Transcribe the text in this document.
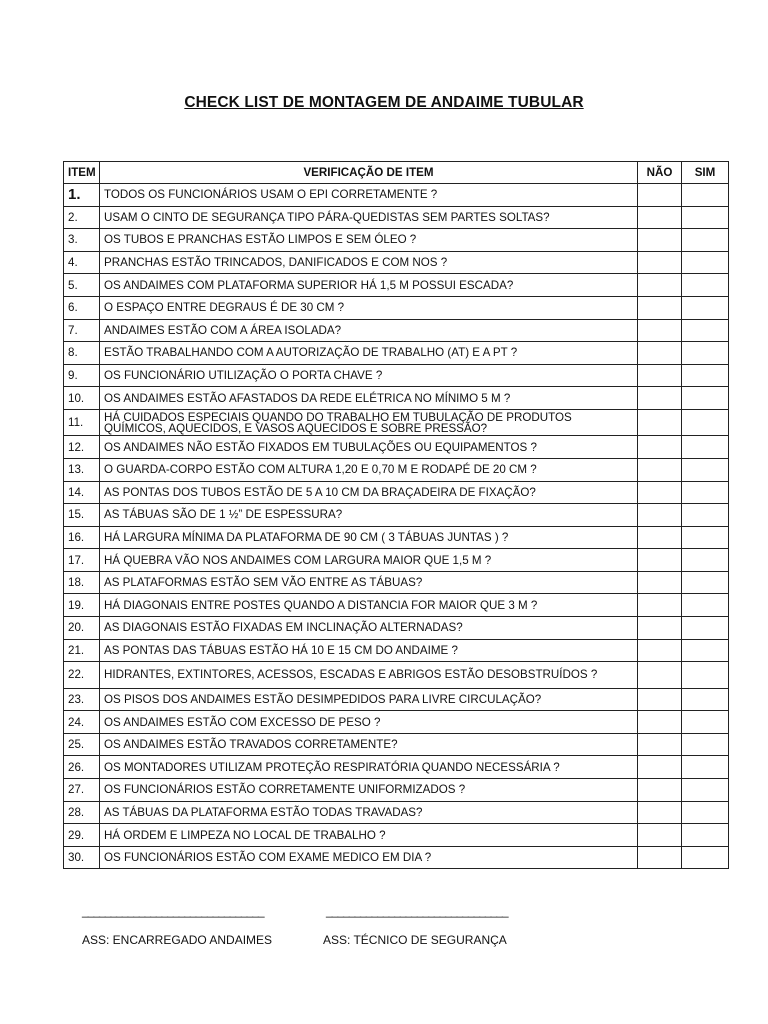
CHECK LIST DE MONTAGEM DE ANDAIME TUBULAR
ITEM	VERIFICAÇÃO DE ITEM	NÃO	SIM
1.	TODOS OS FUNCIONÁRIOS USAM O EPI CORRETAMENTE ?		
2.	USAM O CINTO DE SEGURANÇA TIPO PÁRA-QUEDISTAS SEM PARTES SOLTAS?		
3.	OS TUBOS E PRANCHAS ESTÃO LIMPOS E SEM ÓLEO ?		
4.	PRANCHAS ESTÃO TRINCADOS, DANIFICADOS E COM NOS ?		
5.	OS ANDAIMES COM PLATAFORMA SUPERIOR HÁ 1,5 M POSSUI ESCADA?		
6.	O ESPAÇO ENTRE DEGRAUS É DE 30 CM ?		
7.	ANDAIMES ESTÃO COM A ÁREA ISOLADA?		
8.	ESTÃO TRABALHANDO COM A AUTORIZAÇÃO DE TRABALHO (AT) E A PT ?		
9.	OS FUNCIONÁRIO UTILIZAÇÃO O PORTA CHAVE ?		
10.	OS ANDAIMES ESTÃO AFASTADOS DA REDE ELÉTRICA NO MÍNIMO 5 M ?		
11.	HÁ CUIDADOS ESPECIAIS QUANDO DO TRABALHO EM TUBULAÇÃO DE PRODUTOS QUÍMICOS, AQUECIDOS, E VASOS AQUECIDOS E SOBRE PRESSÃO?		
12.	OS ANDAIMES NÃO ESTÃO FIXADOS EM TUBULAÇÕES OU EQUIPAMENTOS ?		
13.	O GUARDA-CORPO ESTÃO COM ALTURA 1,20 E 0,70 M E RODAPÉ DE 20 CM ?		
14.	AS PONTAS DOS TUBOS ESTÃO DE 5 A 10 CM DA BRAÇADEIRA DE FIXAÇÃO?		
15.	AS TÁBUAS SÃO DE 1 ½” DE ESPESSURA?		
16.	HÁ LARGURA MÍNIMA DA PLATAFORMA DE 90 CM ( 3 TÁBUAS JUNTAS ) ?		
17.	HÁ QUEBRA VÃO NOS ANDAIMES COM LARGURA MAIOR QUE 1,5 M ?		
18.	AS PLATAFORMAS ESTÃO SEM VÃO ENTRE AS TÁBUAS?		
19.	HÁ DIAGONAIS ENTRE POSTES QUANDO A DISTANCIA FOR MAIOR QUE 3 M ?		
20.	AS DIAGONAIS ESTÃO FIXADAS EM INCLINAÇÃO ALTERNADAS?		
21.	AS PONTAS DAS TÁBUAS ESTÃO HÁ 10 E 15 CM DO ANDAIME ?		
22.	HIDRANTES, EXTINTORES, ACESSOS, ESCADAS E ABRIGOS ESTÃO DESOBSTRUÍDOS ?		
23.	OS PISOS DOS ANDAIMES ESTÃO DESIMPEDIDOS PARA LIVRE CIRCULAÇÃO?		
24.	OS ANDAIMES ESTÃO COM EXCESSO DE PESO ?		
25.	OS ANDAIMES ESTÃO TRAVADOS CORRETAMENTE?		
26.	OS MONTADORES UTILIZAM PROTEÇÃO RESPIRATÓRIA QUANDO NECESSÁRIA ?		
27.	OS FUNCIONÁRIOS ESTÃO CORRETAMENTE UNIFORMIZADOS ?		
28.	AS TÁBUAS DA PLATAFORMA ESTÃO TODAS TRAVADAS?		
29.	HÁ ORDEM E LIMPEZA NO LOCAL DE TRABALHO ?		
30.	OS FUNCIONÁRIOS ESTÃO COM EXAME MEDICO EM DIA ?		
________________________________	________________________________
ASS: ENCARREGADO ANDAIMES	ASS: TÉCNICO DE SEGURANÇA
